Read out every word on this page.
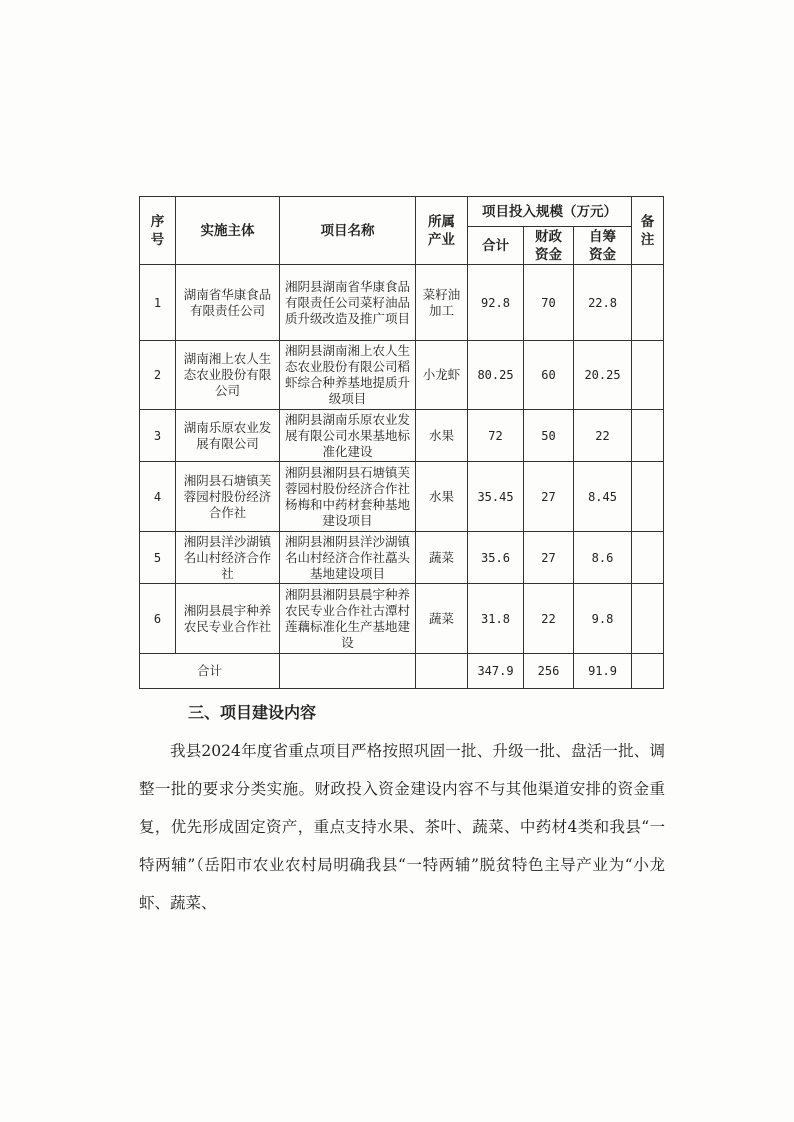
序号	实施主体	项目名称	所属产业	项目投入规模（万元）			备注
				合计	财政资金	自筹资金	
1	湖南省华康食品有限责任公司	湘阴县湖南省华康食品有限责任公司菜籽油品质升级改造及推广项目	菜籽油加工	92.8	70	22.8	
2	湖南湘上农人生态农业股份有限公司	湘阴县湖南湘上农人生态农业股份有限公司稻虾综合种养基地提质升级项目	小龙虾	80.25	60	20.25	
3	湖南乐原农业发展有限公司	湘阴县湖南乐原农业发展有限公司水果基地标准化建设	水果	72	50	22	
4	湘阴县石塘镇芙蓉园村股份经济合作社	湘阴县湘阴县石塘镇芙蓉园村股份经济合作社杨梅和中药材套种基地建设项目	水果	35.45	27	8.45	
5	湘阴县洋沙湖镇名山村经济合作社	湘阴县湘阴县洋沙湖镇名山村经济合作社藠头基地建设项目	蔬菜	35.6	27	8.6	
6	湘阴县晨宇种养农民专业合作社	湘阴县湘阴县晨宇种养农民专业合作社古潭村莲藕标准化生产基地建设	蔬菜	31.8	22	9.8	
合计				347.9	256	91.9	
三、项目建设内容
我县2024年度省重点项目严格按照巩固一批、升级一批、盘活一批、调整一批的要求分类实施。财政投入资金建设内容不与其他渠道安排的资金重复，优先形成固定资产，重点支持水果、茶叶、蔬菜、中药材4类和我县“一特两辅”（岳阳市农业农村局明确我县“一特两辅”脱贫特色主导产业为“小龙虾、蔬菜、
